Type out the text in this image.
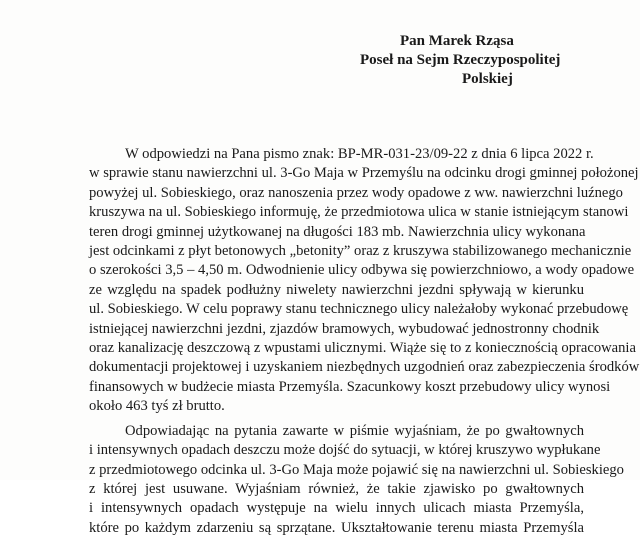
Pan Marek Rząsa
Poseł na Sejm Rzeczypospolitej
Polskiej
W odpowiedzi na Pana pismo znak: BP-MR-031-23/09-22 z dnia 6 lipca 2022 r.
w sprawie stanu nawierzchni ul. 3-Go Maja w Przemyślu na odcinku drogi gminnej położonej
powyżej ul. Sobieskiego, oraz nanoszenia przez wody opadowe z ww. nawierzchni luźnego
kruszywa na ul. Sobieskiego informuję, że przedmiotowa ulica w stanie istniejącym stanowi
teren drogi gminnej użytkowanej na długości 183 mb. Nawierzchnia ulicy wykonana
jest odcinkami z płyt betonowych „betonity” oraz z kruszywa stabilizowanego mechanicznie
o szerokości 3,5 – 4,50 m. Odwodnienie ulicy odbywa się powierzchniowo, a wody opadowe
ze względu na spadek podłużny niwelety nawierzchni jezdni spływają w kierunku
ul. Sobieskiego. W celu poprawy stanu technicznego ulicy należałoby wykonać przebudowę
istniejącej nawierzchni jezdni, zjazdów bramowych, wybudować jednostronny chodnik
oraz kanalizację deszczową z wpustami ulicznymi. Wiąże się to z koniecznością opracowania
dokumentacji projektowej i uzyskaniem niezbędnych uzgodnień oraz zabezpieczenia środków
finansowych w budżecie miasta Przemyśla. Szacunkowy koszt przebudowy ulicy wynosi
około 463 tyś zł brutto.
Odpowiadając na pytania zawarte w piśmie wyjaśniam, że po gwałtownych
i intensywnych opadach deszczu może dojść do sytuacji, w której kruszywo wypłukane
z przedmiotowego odcinka ul. 3-Go Maja może pojawić się na nawierzchni ul. Sobieskiego
z której jest usuwane. Wyjaśniam również, że takie zjawisko po gwałtownych
i intensywnych opadach występuje na wielu innych ulicach miasta Przemyśla,
które po każdym zdarzeniu są sprzątane. Ukształtowanie terenu miasta Przemyśla
